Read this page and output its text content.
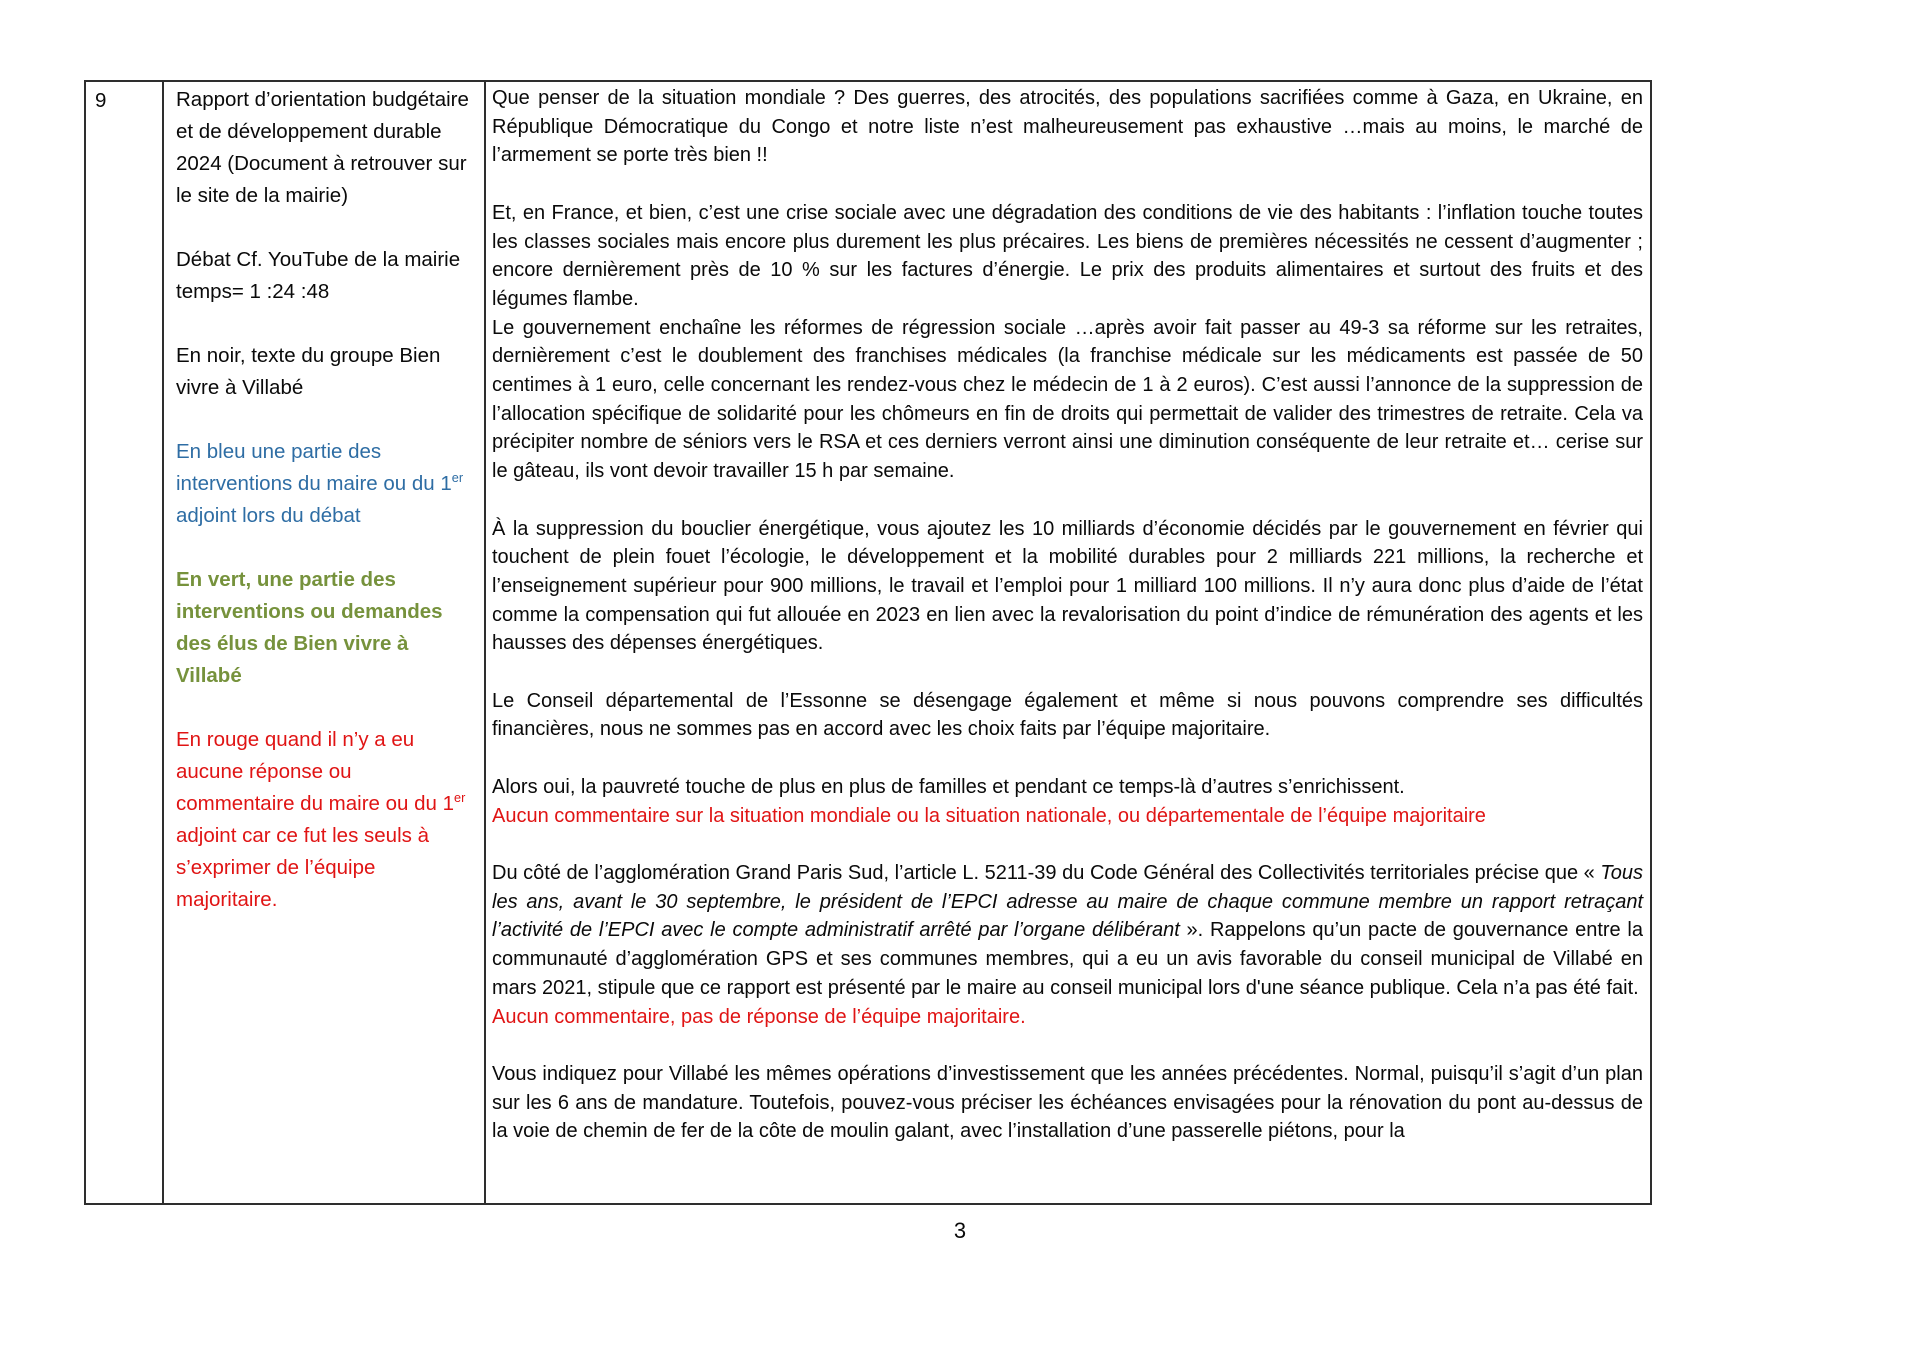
9	Rapport d’orientation budgétaire et de développement durable 2024 (Document à retrouver sur le site de la mairie)

Débat Cf. YouTube de la mairie temps= 1 :24 :48

En noir, texte du groupe Bien vivre à Villabé

En bleu une partie des interventions du maire ou du 1er adjoint lors du débat

En vert, une partie des interventions ou demandes des élus de Bien vivre à Villabé

En rouge quand il n’y a eu aucune réponse ou commentaire du maire ou du 1er adjoint car ce fut les seuls à s’exprimer de l’équipe majoritaire.

Que penser de la situation mondiale ? Des guerres, des atrocités, des populations sacrifiées comme à Gaza, en Ukraine, en République Démocratique du Congo et notre liste n’est malheureusement pas exhaustive …mais au moins, le marché de l’armement se porte très bien !!

Et, en France, et bien, c’est une crise sociale avec une dégradation des conditions de vie des habitants : l’inflation touche toutes les classes sociales mais encore plus durement les plus précaires. Les biens de premières nécessités ne cessent d’augmenter ; encore dernièrement près de 10 % sur les factures d’énergie. Le prix des produits alimentaires et surtout des fruits et des légumes flambe.

Le gouvernement enchaîne les réformes de régression sociale …après avoir fait passer au 49-3 sa réforme sur les retraites, dernièrement c’est le doublement des franchises médicales (la franchise médicale sur les médicaments est passée de 50 centimes à 1 euro, celle concernant les rendez-vous chez le médecin de 1 à 2 euros). C’est aussi l’annonce de la suppression de l’allocation spécifique de solidarité pour les chômeurs en fin de droits qui permettait de valider des trimestres de retraite. Cela va précipiter nombre de séniors vers le RSA et ces derniers verront ainsi une diminution conséquente de leur retraite et… cerise sur le gâteau, ils vont devoir travailler 15 h par semaine.

À la suppression du bouclier énergétique, vous ajoutez les 10 milliards d’économie décidés par le gouvernement en février qui touchent de plein fouet l’écologie, le développement et la mobilité durables pour 2 milliards 221 millions, la recherche et l’enseignement supérieur pour 900 millions, le travail et l’emploi pour 1 milliard 100 millions. Il n’y aura donc plus d’aide de l’état comme la compensation qui fut allouée en 2023 en lien avec la revalorisation du point d’indice de rémunération des agents et les hausses des dépenses énergétiques.

Le Conseil départemental de l’Essonne se désengage également et même si nous pouvons comprendre ses difficultés financières, nous ne sommes pas en accord avec les choix faits par l’équipe majoritaire.

Alors oui, la pauvreté touche de plus en plus de familles et pendant ce temps-là d’autres s’enrichissent.

Aucun commentaire sur la situation mondiale ou la situation nationale, ou départementale de l’équipe majoritaire

Du côté de l’agglomération Grand Paris Sud, l’article L. 5211-39 du Code Général des Collectivités territoriales précise que « Tous les ans, avant le 30 septembre, le président de l’EPCI adresse au maire de chaque commune membre un rapport retraçant l’activité de l’EPCI avec le compte administratif arrêté par l’organe délibérant ». Rappelons qu’un pacte de gouvernance entre la communauté d’agglomération GPS et ses communes membres, qui a eu un avis favorable du conseil municipal de Villabé en mars 2021, stipule que ce rapport est présenté par le maire au conseil municipal lors d'une séance publique. Cela n’a pas été fait.

Aucun commentaire, pas de réponse de l’équipe majoritaire.

Vous indiquez pour Villabé les mêmes opérations d’investissement que les années précédentes. Normal, puisqu’il s’agit d’un plan sur les 6 ans de mandature. Toutefois, pouvez-vous préciser les échéances envisagées pour la rénovation du pont au-dessus de la voie de chemin de fer de la côte de moulin galant, avec l’installation d’une passerelle piétons, pour la

3
